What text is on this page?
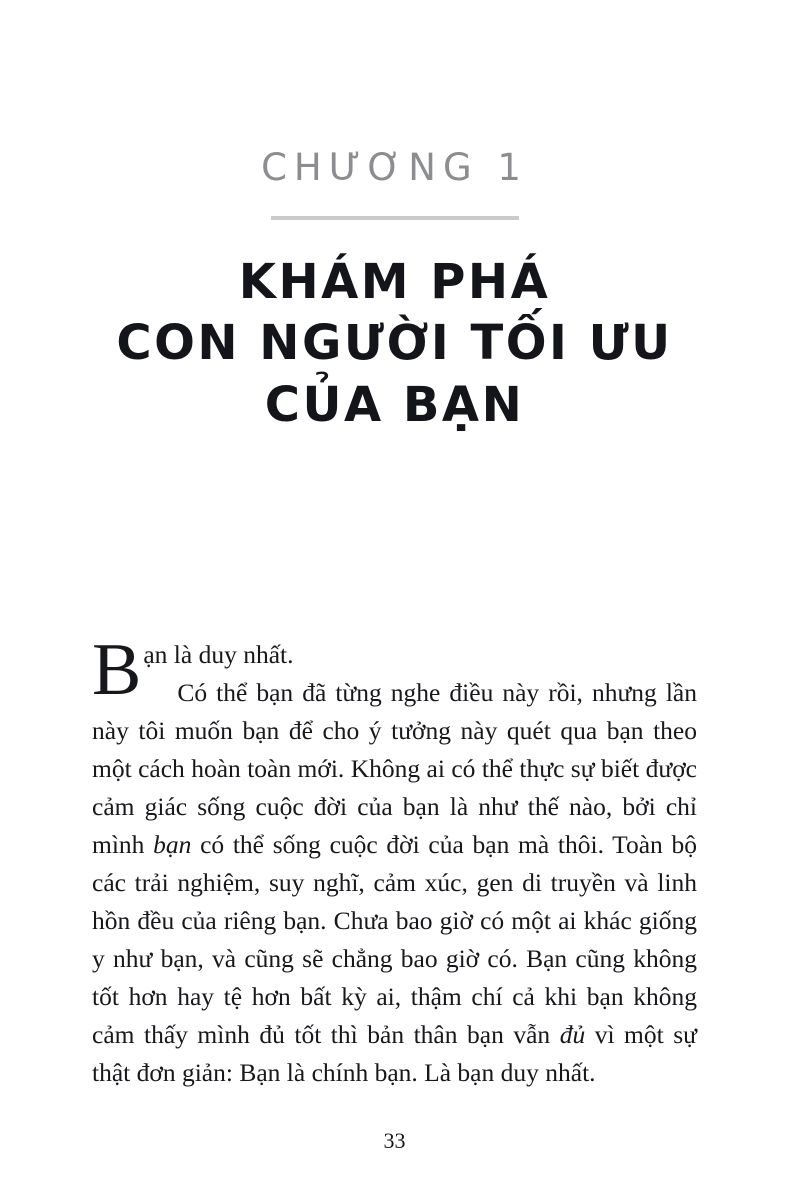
CHƯƠNG 1
KHÁM PHÁ
CON NGƯỜI TỐI ƯU
CỦA BẠN
B ạn là duy nhất.

Có thể bạn đã từng nghe điều này rồi, nhưng lần này tôi muốn bạn để cho ý tưởng này quét qua bạn theo một cách hoàn toàn mới. Không ai có thể thực sự biết được cảm giác sống cuộc đời của bạn là như thế nào, bởi chỉ mình bạn có thể sống cuộc đời của bạn mà thôi. Toàn bộ các trải nghiệm, suy nghĩ, cảm xúc, gen di truyền và linh hồn đều của riêng bạn. Chưa bao giờ có một ai khác giống y như bạn, và cũng sẽ chẳng bao giờ có. Bạn cũng không tốt hơn hay tệ hơn bất kỳ ai, thậm chí cả khi bạn không cảm thấy mình đủ tốt thì bản thân bạn vẫn đủ vì một sự thật đơn giản: Bạn là chính bạn. Là bạn duy nhất.

33
